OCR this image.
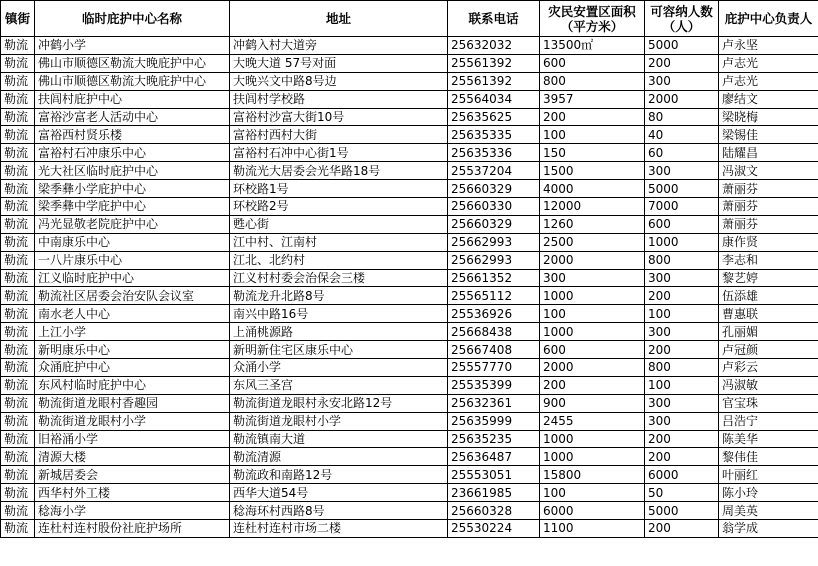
镇街	临时庇护中心名称	地址	联系电话	灾民安置区面积（平方米）	可容纳人数（人）	庇护中心负责人
勒流	冲鹤小学	冲鹤入村大道旁	25632032	13500㎡	5000	卢永坚
勒流	佛山市顺德区勒流大晚庇护中心	大晚大道 57号对面	25561392	600	200	卢志光
勒流	佛山市顺德区勒流大晚庇护中心	大晚兴文中路8号边	25561392	800	300	卢志光
勒流	扶闾村庇护中心	扶闾村学校路	25564034	3957	2000	廖结文
勒流	富裕沙富老人活动中心	富裕村沙富大街10号	25635625	200	80	梁晓梅
勒流	富裕西村贤乐楼	富裕村西村大街	25635335	100	40	梁锡佳
勒流	富裕村石冲康乐中心	富裕村石冲中心街1号	25635336	150	60	陆耀昌
勒流	光大社区临时庇护中心	勒流光大居委会光华路18号	25537204	1500	300	冯淑文
勒流	梁季彝小学庇护中心	环校路1号	25660329	4000	5000	萧丽芬
勒流	梁季彝中学庇护中心	环校路2号	25660330	12000	7000	萧丽芬
勒流	冯光显敬老院庇护中心	甦心街	25660329	1260	600	萧丽芬
勒流	中南康乐中心	江中村、江南村	25662993	2500	1000	康作贤
勒流	一八片康乐中心	江北、北约村	25662993	2000	800	李志和
勒流	江义临时庇护中心	江义村村委会治保会三楼	25661352	300	300	黎艺婷
勒流	勒流社区居委会治安队会议室	勒流龙升北路8号	25565112	1000	200	伍添雄
勒流	南水老人中心	南兴中路16号	25536926	100	100	曹惠联
勒流	上江小学	上涌桃源路	25668438	1000	300	孔丽媚
勒流	新明康乐中心	新明新住宅区康乐中心	25667408	600	200	卢冠颜
勒流	众涌庇护中心	众涌小学	25557770	2000	800	卢彩云
勒流	东风村临时庇护中心	东风三圣宫	25535399	200	100	冯淑敏
勒流	勒流街道龙眼村香趣园	勒流街道龙眼村永安北路12号	25632361	900	300	官宝珠
勒流	勒流街道龙眼村小学	勒流街道龙眼村小学	25635999	2455	300	吕浩宁
勒流	旧裕涌小学	勒流镇南大道	25635235	1000	200	陈美华
勒流	清源大楼	勒流清源	25636487	1000	200	黎伟佳
勒流	新城居委会	勒流政和南路12号	25553051	15800	6000	叶丽红
勒流	西华村外工楼	西华大道54号	23661985	100	50	陈小玲
勒流	稔海小学	稔海环村西路8号	25660328	6000	5000	周美英
勒流	连杜村连村股份社庇护场所	连杜村连村市场二楼	25530224	1100	200	翁学成
